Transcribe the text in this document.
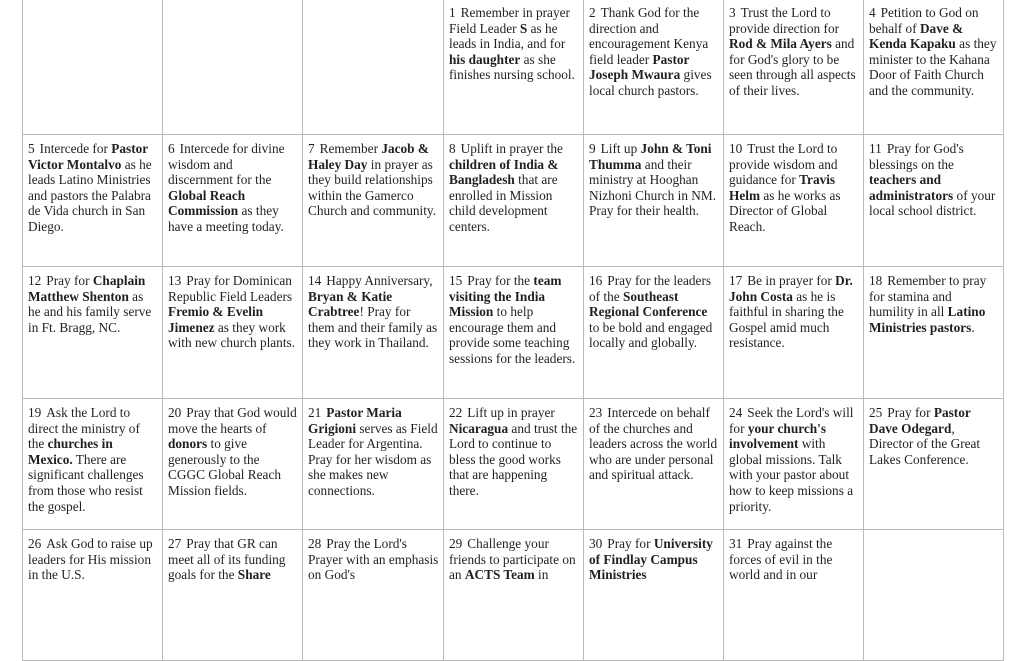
1 Remember in prayer Field Leader S as he leads in India, and for his daughter as she finishes nursing school.
2 Thank God for the direction and encouragement Kenya field leader Pastor Joseph Mwaura gives local church pastors.
3 Trust the Lord to provide direction for Rod & Mila Ayers and for God's glory to be seen through all aspects of their lives.
4 Petition to God on behalf of Dave & Kenda Kapaku as they minister to the Kahana Door of Faith Church and the community.
5 Intercede for Pastor Victor Montalvo as he leads Latino Ministries and pastors the Palabra de Vida church in San Diego.
6 Intercede for divine wisdom and discernment for the Global Reach Commission as they have a meeting today.
7 Remember Jacob & Haley Day in prayer as they build relationships within the Gamerco Church and community.
8 Uplift in prayer the children of India & Bangladesh that are enrolled in Mission child development centers.
9 Lift up John & Toni Thumma and their ministry at Hooghan Nizhoni Church in NM. Pray for their health.
10 Trust the Lord to provide wisdom and guidance for Travis Helm as he works as Director of Global Reach.
11 Pray for God's blessings on the teachers and administrators of your local school district.
12 Pray for Chaplain Matthew Shenton as he and his family serve in Ft. Bragg, NC.
13 Pray for Dominican Republic Field Leaders Fremio & Evelin Jimenez as they work with new church plants.
14 Happy Anniversary, Bryan & Katie Crabtree! Pray for them and their family as they work in Thailand.
15 Pray for the team visiting the India Mission to help encourage them and provide some teaching sessions for the leaders.
16 Pray for the leaders of the Southeast Regional Conference to be bold and engaged locally and globally.
17 Be in prayer for Dr. John Costa as he is faithful in sharing the Gospel amid much resistance.
18 Remember to pray for stamina and humility in all Latino Ministries pastors.
19 Ask the Lord to direct the ministry of the churches in Mexico. There are significant challenges from those who resist the gospel.
20 Pray that God would move the hearts of donors to give generously to the CGGC Global Reach Mission fields.
21 Pastor Maria Grigioni serves as Field Leader for Argentina. Pray for her wisdom as she makes new connections.
22 Lift up in prayer Nicaragua and trust the Lord to continue to bless the good works that are happening there.
23 Intercede on behalf of the churches and leaders across the world who are under personal and spiritual attack.
24 Seek the Lord's will for your church's involvement with global missions. Talk with your pastor about how to keep missions a priority.
25 Pray for Pastor Dave Odegard, Director of the Great Lakes Conference.
26 Ask God to raise up leaders for His mission in the U.S.
27 Pray that GR can meet all of its funding goals for the Share
28 Pray the Lord's Prayer with an emphasis on God's
29 Challenge your friends to participate on an ACTS Team in
30 Pray for University of Findlay Campus Ministries
31 Pray against the forces of evil in the world and in our
